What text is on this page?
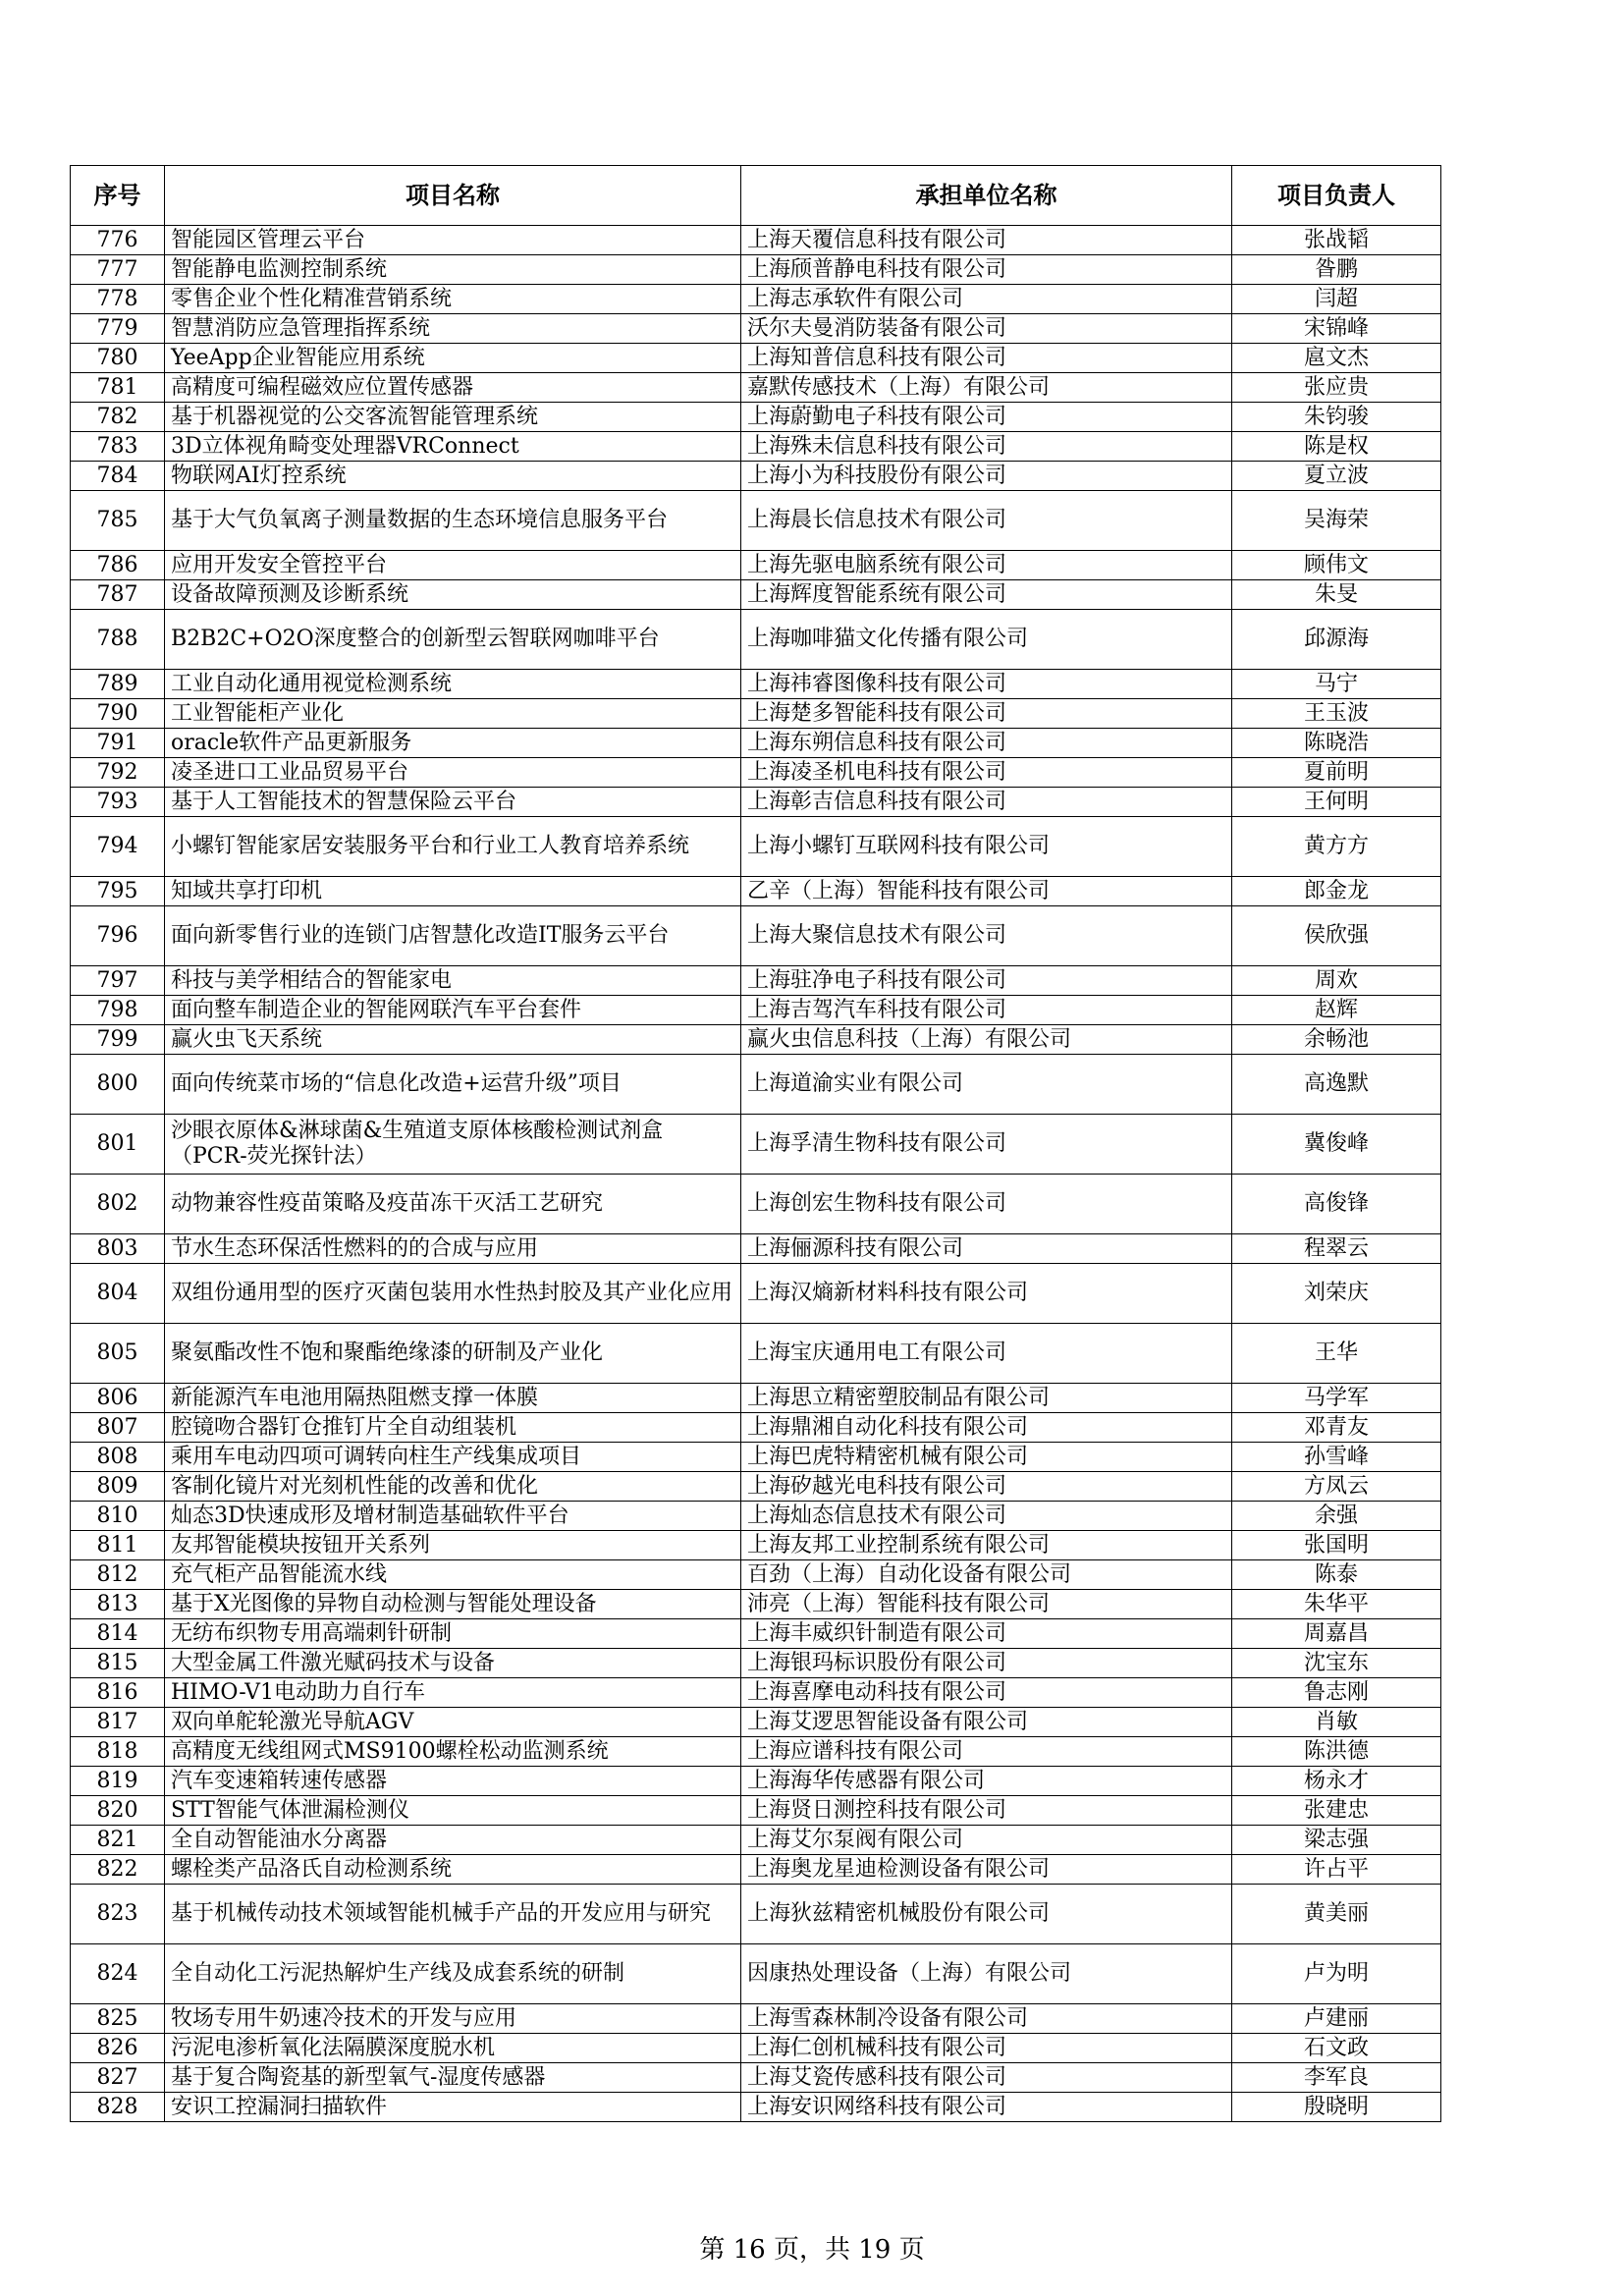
序号	项目名称	承担单位名称	项目负责人
776	智能园区管理云平台	上海天覆信息科技有限公司	张战韬
777	智能静电监测控制系统	上海颀普静电科技有限公司	昝鹏
778	零售企业个性化精准营销系统	上海志承软件有限公司	闫超
779	智慧消防应急管理指挥系统	沃尔夫曼消防装备有限公司	宋锦峰
780	YeeApp企业智能应用系统	上海知普信息科技有限公司	扈文杰
781	高精度可编程磁效应位置传感器	嘉默传感技术（上海）有限公司	张应贵
782	基于机器视觉的公交客流智能管理系统	上海蔚勤电子科技有限公司	朱钧骏
783	3D立体视角畸变处理器VRConnect	上海殊未信息科技有限公司	陈是权
784	物联网AI灯控系统	上海小为科技股份有限公司	夏立波
785	基于大气负氧离子测量数据的生态环境信息服务平台	上海晨长信息技术有限公司	吴海荣
786	应用开发安全管控平台	上海先驱电脑系统有限公司	顾伟文
787	设备故障预测及诊断系统	上海辉度智能系统有限公司	朱旻
788	B2B2C+O2O深度整合的创新型云智联网咖啡平台	上海咖啡猫文化传播有限公司	邱源海
789	工业自动化通用视觉检测系统	上海祎睿图像科技有限公司	马宁
790	工业智能柜产业化	上海楚多智能科技有限公司	王玉波
791	oracle软件产品更新服务	上海东朔信息科技有限公司	陈晓浩
792	凌圣进口工业品贸易平台	上海凌圣机电科技有限公司	夏前明
793	基于人工智能技术的智慧保险云平台	上海彰吉信息科技有限公司	王何明
794	小螺钉智能家居安装服务平台和行业工人教育培养系统	上海小螺钉互联网科技有限公司	黄方方
795	知域共享打印机	乙辛（上海）智能科技有限公司	郎金龙
796	面向新零售行业的连锁门店智慧化改造IT服务云平台	上海大聚信息技术有限公司	侯欣强
797	科技与美学相结合的智能家电	上海驻净电子科技有限公司	周欢
798	面向整车制造企业的智能网联汽车平台套件	上海吉驾汽车科技有限公司	赵辉
799	赢火虫飞天系统	赢火虫信息科技（上海）有限公司	余畅池
800	面向传统菜市场的“信息化改造+运营升级”项目	上海道渝实业有限公司	高逸默
801	沙眼衣原体&淋球菌&生殖道支原体核酸检测试剂盒（PCR-荧光探针法）	上海孚清生物科技有限公司	冀俊峰
802	动物兼容性疫苗策略及疫苗冻干灭活工艺研究	上海创宏生物科技有限公司	高俊锋
803	节水生态环保活性燃料的的合成与应用	上海俪源科技有限公司	程翠云
804	双组份通用型的医疗灭菌包装用水性热封胶及其产业化应用	上海汉熵新材料科技有限公司	刘荣庆
805	聚氨酯改性不饱和聚酯绝缘漆的研制及产业化	上海宝庆通用电工有限公司	王华
806	新能源汽车电池用隔热阻燃支撑一体膜	上海思立精密塑胶制品有限公司	马学军
807	腔镜吻合器钉仓推钉片全自动组装机	上海鼎湘自动化科技有限公司	邓青友
808	乘用车电动四项可调转向柱生产线集成项目	上海巴虎特精密机械有限公司	孙雪峰
809	客制化镜片对光刻机性能的改善和优化	上海矽越光电科技有限公司	方凤云
810	灿态3D快速成形及增材制造基础软件平台	上海灿态信息技术有限公司	余强
811	友邦智能模块按钮开关系列	上海友邦工业控制系统有限公司	张国明
812	充气柜产品智能流水线	百劲（上海）自动化设备有限公司	陈泰
813	基于X光图像的异物自动检测与智能处理设备	沛亮（上海）智能科技有限公司	朱华平
814	无纺布织物专用高端刺针研制	上海丰威织针制造有限公司	周嘉昌
815	大型金属工件激光赋码技术与设备	上海银玛标识股份有限公司	沈宝东
816	HIMO-V1电动助力自行车	上海喜摩电动科技有限公司	鲁志刚
817	双向单舵轮激光导航AGV	上海艾逻思智能设备有限公司	肖敏
818	高精度无线组网式MS9100螺栓松动监测系统	上海应谱科技有限公司	陈洪德
819	汽车变速箱转速传感器	上海海华传感器有限公司	杨永才
820	STT智能气体泄漏检测仪	上海贤日测控科技有限公司	张建忠
821	全自动智能油水分离器	上海艾尔泵阀有限公司	梁志强
822	螺栓类产品洛氏自动检测系统	上海奥龙星迪检测设备有限公司	许占平
823	基于机械传动技术领域智能机械手产品的开发应用与研究	上海狄兹精密机械股份有限公司	黄美丽
824	全自动化工污泥热解炉生产线及成套系统的研制	因康热处理设备（上海）有限公司	卢为明
825	牧场专用牛奶速冷技术的开发与应用	上海雪森林制冷设备有限公司	卢建丽
826	污泥电渗析氧化法隔膜深度脱水机	上海仁创机械科技有限公司	石文政
827	基于复合陶瓷基的新型氧气-湿度传感器	上海艾瓷传感科技有限公司	李军良
828	安识工控漏洞扫描软件	上海安识网络科技有限公司	殷晓明
第 16 页，共 19 页
